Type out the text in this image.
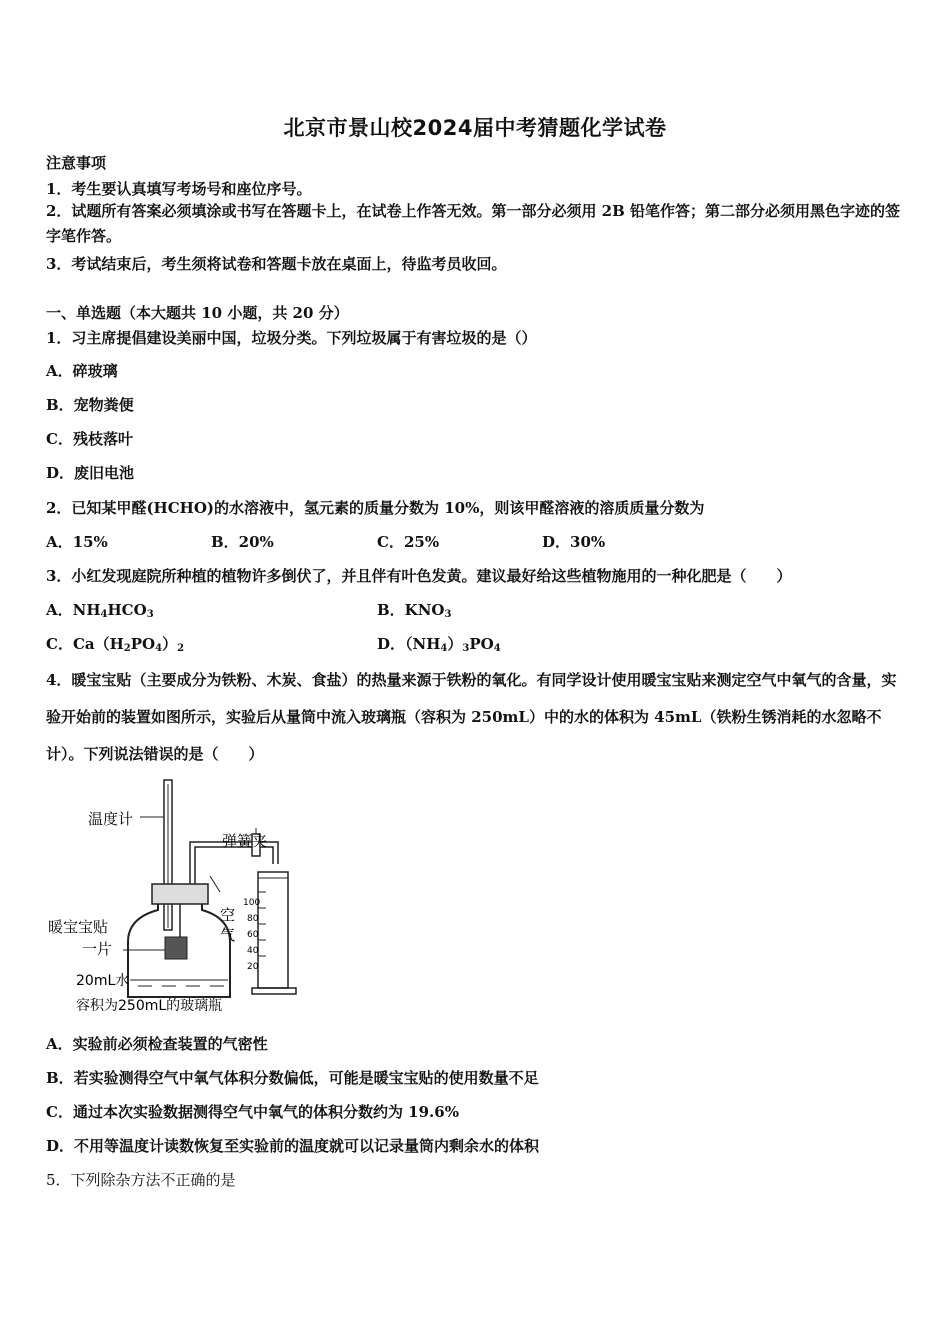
北京市景山校2024届中考猜题化学试卷
注意事项
1．考生要认真填写考场号和座位序号。
2．试题所有答案必须填涂或书写在答题卡上，在试卷上作答无效。第一部分必须用 2B 铅笔作答；第二部分必须用黑色字迹的签字笔作答。
3．考试结束后，考生须将试卷和答题卡放在桌面上，待监考员收回。
一、单选题（本大题共 10 小题，共 20 分）
1．习主席提倡建设美丽中国，垃圾分类。下列垃圾属于有害垃圾的是（）
A．碎玻璃
B．宠物粪便
C．残枝落叶
D．废旧电池
2．已知某甲醛(HCHO)的水溶液中，氢元素的质量分数为 10%，则该甲醛溶液的溶质质量分数为
A．15%	B．20%	C．25%	D．30%
3．小红发现庭院所种植的植物许多倒伏了，并且伴有叶色发黄。建议最好给这些植物施用的一种化肥是（　　）
A．$NH_4HCO_3$	B．$KNO_3$
C．$Ca(H_2PO_4)_2$	D．$(NH_4)_3PO_4$
4．暖宝宝贴（主要成分为铁粉、木炭、食盐）的热量来源于铁粉的氧化。有同学设计使用暖宝宝贴来测定空气中氧气的含量，实验开始前的装置如图所示，实验后从量筒中流入玻璃瓶（容积为 250mL）中的水的体积为 45mL（铁粉生锈消耗的水忽略不计）。下列说法错误的是（　　）
100
80
60
40
20
温度计
弹簧夹
暖宝宝贴
一片
空
气
20mL水
容积为250mL的玻璃瓶
A．实验前必须检查装置的气密性
B．若实验测得空气中氧气体积分数偏低，可能是暖宝宝贴的使用数量不足
C．通过本次实验数据测得空气中氧气的体积分数约为 19.6%
D．不用等温度计读数恢复至实验前的温度就可以记录量筒内剩余水的体积
5．下列除杂方法不正确的是
